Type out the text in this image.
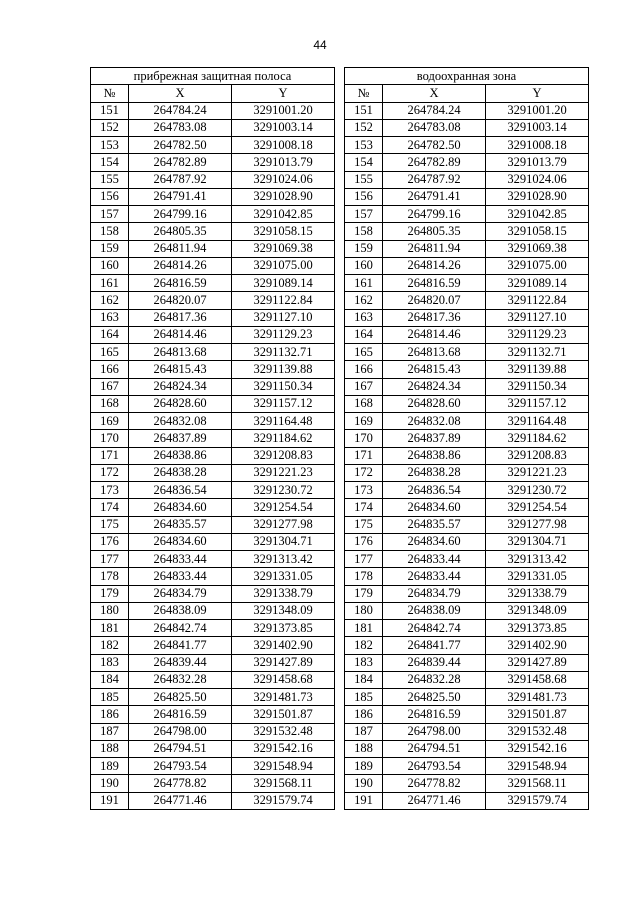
44
прибрежная защитная полоса				водоохранная зона		
№	X	Y		№	X	Y
151	264784.24	3291001.20		151	264784.24	3291001.20
152	264783.08	3291003.14		152	264783.08	3291003.14
153	264782.50	3291008.18		153	264782.50	3291008.18
154	264782.89	3291013.79		154	264782.89	3291013.79
155	264787.92	3291024.06		155	264787.92	3291024.06
156	264791.41	3291028.90		156	264791.41	3291028.90
157	264799.16	3291042.85		157	264799.16	3291042.85
158	264805.35	3291058.15		158	264805.35	3291058.15
159	264811.94	3291069.38		159	264811.94	3291069.38
160	264814.26	3291075.00		160	264814.26	3291075.00
161	264816.59	3291089.14		161	264816.59	3291089.14
162	264820.07	3291122.84		162	264820.07	3291122.84
163	264817.36	3291127.10		163	264817.36	3291127.10
164	264814.46	3291129.23		164	264814.46	3291129.23
165	264813.68	3291132.71		165	264813.68	3291132.71
166	264815.43	3291139.88		166	264815.43	3291139.88
167	264824.34	3291150.34		167	264824.34	3291150.34
168	264828.60	3291157.12		168	264828.60	3291157.12
169	264832.08	3291164.48		169	264832.08	3291164.48
170	264837.89	3291184.62		170	264837.89	3291184.62
171	264838.86	3291208.83		171	264838.86	3291208.83
172	264838.28	3291221.23		172	264838.28	3291221.23
173	264836.54	3291230.72		173	264836.54	3291230.72
174	264834.60	3291254.54		174	264834.60	3291254.54
175	264835.57	3291277.98		175	264835.57	3291277.98
176	264834.60	3291304.71		176	264834.60	3291304.71
177	264833.44	3291313.42		177	264833.44	3291313.42
178	264833.44	3291331.05		178	264833.44	3291331.05
179	264834.79	3291338.79		179	264834.79	3291338.79
180	264838.09	3291348.09		180	264838.09	3291348.09
181	264842.74	3291373.85		181	264842.74	3291373.85
182	264841.77	3291402.90		182	264841.77	3291402.90
183	264839.44	3291427.89		183	264839.44	3291427.89
184	264832.28	3291458.68		184	264832.28	3291458.68
185	264825.50	3291481.73		185	264825.50	3291481.73
186	264816.59	3291501.87		186	264816.59	3291501.87
187	264798.00	3291532.48		187	264798.00	3291532.48
188	264794.51	3291542.16		188	264794.51	3291542.16
189	264793.54	3291548.94		189	264793.54	3291548.94
190	264778.82	3291568.11		190	264778.82	3291568.11
191	264771.46	3291579.74		191	264771.46	3291579.74
